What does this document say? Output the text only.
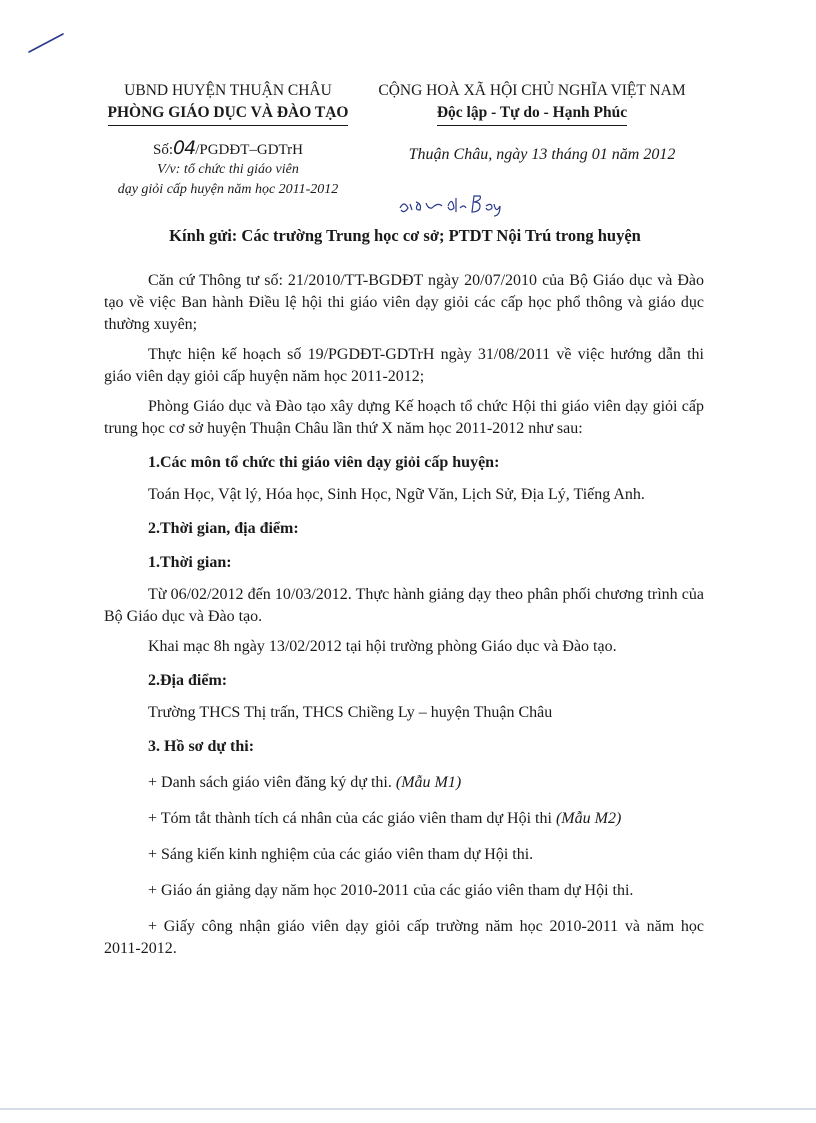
UBND HUYỆN THUẬN CHÂU
PHÒNG GIÁO DỤC VÀ ĐÀO TẠO
CỘNG HOÀ XÃ HỘI CHỦ NGHĨA VIỆT NAM
Độc lập - Tự do - Hạnh Phúc
Số:04/PGDĐT–GDTrH
V/v: tổ chức thi giáo viên
dạy giỏi cấp huyện năm học 2011-2012
Thuận Châu, ngày 13 tháng 01 năm 2012
Kính gửi: Các trường Trung học cơ sở; PTDT Nội Trú trong huyện

Căn cứ Thông tư số: 21/2010/TT-BGDĐT ngày 20/07/2010 của Bộ Giáo dục và Đào tạo về việc Ban hành Điều lệ hội thi giáo viên dạy giỏi các cấp học phổ thông và giáo dục thường xuyên;

Thực hiện kế hoạch số 19/PGDĐT-GDTrH ngày 31/08/2011 về việc hướng dẫn thi giáo viên dạy giỏi cấp huyện năm học 2011-2012;

Phòng Giáo dục và Đào tạo xây dựng Kế hoạch tổ chức Hội thi giáo viên dạy giỏi cấp trung học cơ sở huyện Thuận Châu lần thứ X năm học 2011-2012 như sau:

1.Các môn tổ chức thi giáo viên dạy giỏi cấp huyện:
Toán Học, Vật lý, Hóa học, Sinh Học, Ngữ Văn, Lịch Sử, Địa Lý, Tiếng Anh.
2.Thời gian, địa điểm:
1.Thời gian:

Từ 06/02/2012 đến 10/03/2012. Thực hành giảng dạy theo phân phối chương trình của Bộ Giáo dục và Đào tạo.

Khai mạc 8h ngày 13/02/2012 tại hội trường phòng Giáo dục và Đào tạo.
2.Địa điểm:
Trường THCS Thị trấn, THCS Chiềng Ly – huyện Thuận Châu
3. Hồ sơ dự thi:
+ Danh sách giáo viên đăng ký dự thi. (Mẫu M1)
+ Tóm tắt thành tích cá nhân của các giáo viên tham dự Hội thi (Mẫu M2)
+ Sáng kiến kinh nghiệm của các giáo viên tham dự Hội thi.
+ Giáo án giảng dạy năm học 2010-2011 của các giáo viên tham dự Hội thi.

+ Giấy công nhận giáo viên dạy giỏi cấp trường năm học 2010-2011 và năm học 2011-2012.
